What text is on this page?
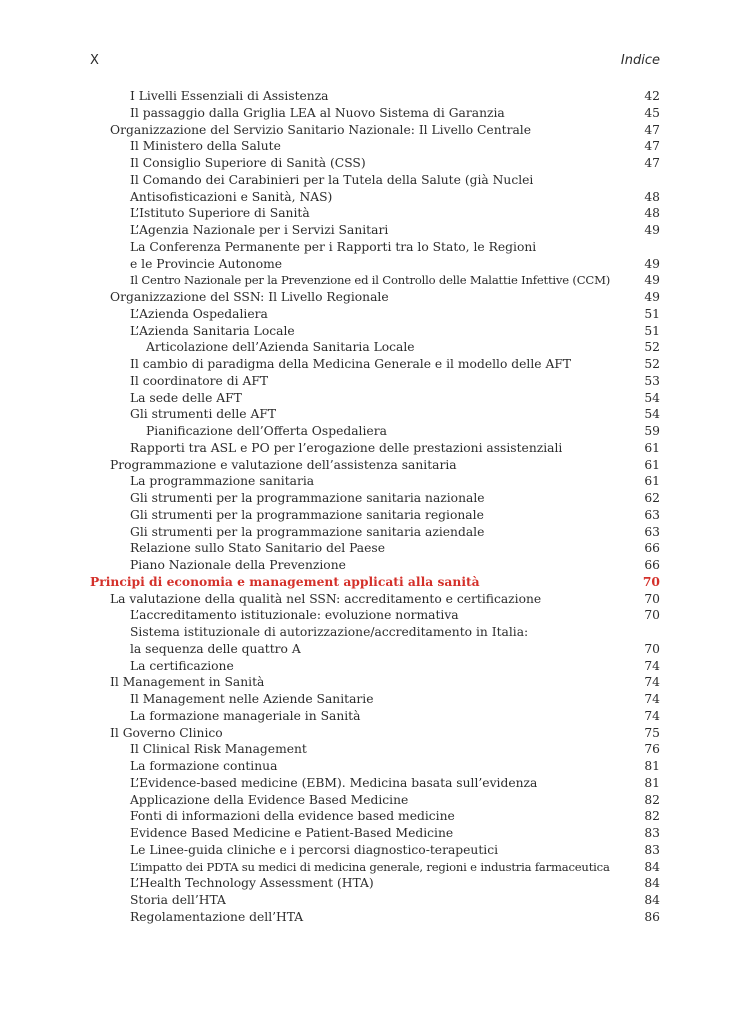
X	Indice
I Livelli Essenziali di Assistenza	42
Il passaggio dalla Griglia LEA al Nuovo Sistema di Garanzia	45
Organizzazione del Servizio Sanitario Nazionale: Il Livello Centrale	47
Il Ministero della Salute	47
Il Consiglio Superiore di Sanità (CSS)	47
Il Comando dei Carabinieri per la Tutela della Salute (già Nuclei
Antisofisticazioni e Sanità, NAS)	48
L’Istituto Superiore di Sanità	48
L’Agenzia Nazionale per i Servizi Sanitari	49
La Conferenza Permanente per i Rapporti tra lo Stato, le Regioni
e le Provincie Autonome	49
Il Centro Nazionale per la Prevenzione ed il Controllo delle Malattie Infettive (CCM)	49
Organizzazione del SSN: Il Livello Regionale	49
L’Azienda Ospedaliera	51
L’Azienda Sanitaria Locale	51
Articolazione dell’Azienda Sanitaria Locale	52
Il cambio di paradigma della Medicina Generale e il modello delle AFT	52
Il coordinatore di AFT	53
La sede delle AFT	54
Gli strumenti delle AFT	54
Pianificazione dell’Offerta Ospedaliera	59
Rapporti tra ASL e PO per l’erogazione delle prestazioni assistenziali	61
Programmazione e valutazione dell’assistenza sanitaria	61
La programmazione sanitaria	61
Gli strumenti per la programmazione sanitaria nazionale	62
Gli strumenti per la programmazione sanitaria regionale	63
Gli strumenti per la programmazione sanitaria aziendale	63
Relazione sullo Stato Sanitario del Paese	66
Piano Nazionale della Prevenzione	66
Principi di economia e management applicati alla sanità	70
La valutazione della qualità nel SSN: accreditamento e certificazione	70
L’accreditamento istituzionale: evoluzione normativa	70
Sistema istituzionale di autorizzazione/accreditamento in Italia:
la sequenza delle quattro A	70
La certificazione	74
Il Management in Sanità	74
Il Management nelle Aziende Sanitarie	74
La formazione manageriale in Sanità	74
Il Governo Clinico	75
Il Clinical Risk Management	76
La formazione continua	81
L’Evidence-based medicine (EBM). Medicina basata sull’evidenza	81
Applicazione della Evidence Based Medicine	82
Fonti di informazioni della evidence based medicine	82
Evidence Based Medicine e Patient-Based Medicine	83
Le Linee-guida cliniche e i percorsi diagnostico-terapeutici	83
L’impatto dei PDTA su medici di medicina generale, regioni e industria farmaceutica	84
L’Health Technology Assessment (HTA)	84
Storia dell’HTA	84
Regolamentazione dell’HTA	86
